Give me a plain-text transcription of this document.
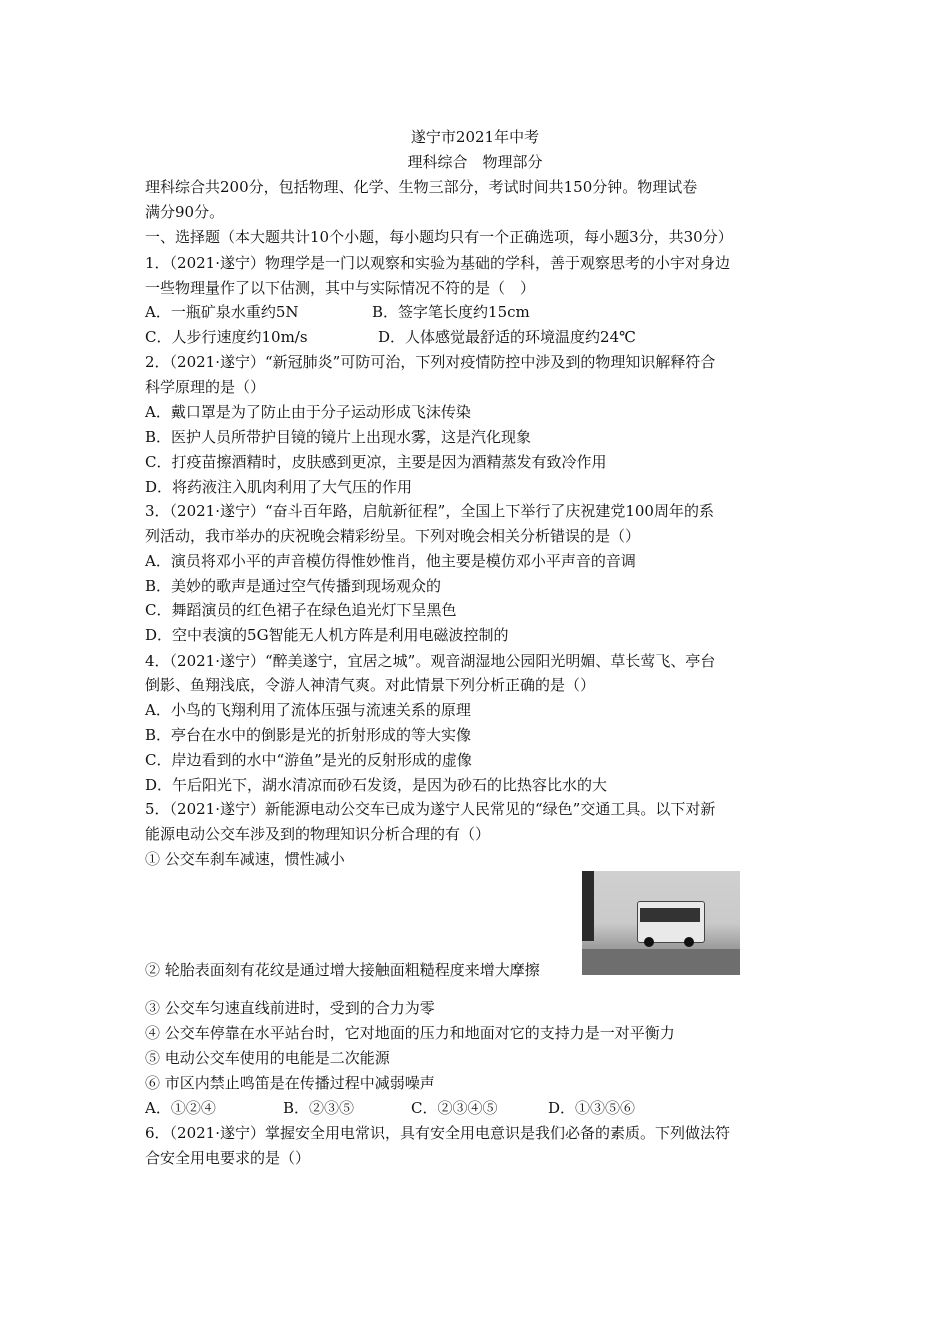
遂宁市2021年中考
理科综合　物理部分
理科综合共200分，包括物理、化学、生物三部分，考试时间共150分钟。物理试卷
满分90分。
一、选择题（本大题共计10个小题，每小题均只有一个正确选项，每小题3分，共30分）
1．（2021·遂宁）物理学是一门以观察和实验为基础的学科，善于观察思考的小宇对身边
一些物理量作了以下估测，其中与实际情况不符的是（　）
A．一瓶矿泉水重约5N	B．签字笔长度约15cm
C．人步行速度约10m/s	D．人体感觉最舒适的环境温度约24℃
2．（2021·遂宁）“新冠肺炎”可防可治，下列对疫情防控中涉及到的物理知识解释符合
科学原理的是（）
A．戴口罩是为了防止由于分子运动形成飞沫传染
B．医护人员所带护目镜的镜片上出现水雾，这是汽化现象
C．打疫苗擦酒精时，皮肤感到更凉，主要是因为酒精蒸发有致冷作用
D．将药液注入肌肉利用了大气压的作用
3．（2021·遂宁）“奋斗百年路，启航新征程”，全国上下举行了庆祝建党100周年的系
列活动，我市举办的庆祝晚会精彩纷呈。下列对晚会相关分析错误的是（）
A．演员将邓小平的声音模仿得惟妙惟肖，他主要是模仿邓小平声音的音调
B．美妙的歌声是通过空气传播到现场观众的
C．舞蹈演员的红色裙子在绿色追光灯下呈黑色
D．空中表演的5G智能无人机方阵是利用电磁波控制的
4．（2021·遂宁）“醉美遂宁，宜居之城”。观音湖湿地公园阳光明媚、草长莺飞、亭台
倒影、鱼翔浅底，令游人神清气爽。对此情景下列分析正确的是（）
A．小鸟的飞翔利用了流体压强与流速关系的原理
B．亭台在水中的倒影是光的折射形成的等大实像
C．岸边看到的水中“游鱼”是光的反射形成的虚像
D．午后阳光下，湖水清凉而砂石发烫，是因为砂石的比热容比水的大
5．（2021·遂宁）新能源电动公交车已成为遂宁人民常见的“绿色”交通工具。以下对新
能源电动公交车涉及到的物理知识分析合理的有（）
① 公交车刹车减速，惯性减小
② 轮胎表面刻有花纹是通过增大接触面粗糙程度来增大摩擦
③ 公交车匀速直线前进时，受到的合力为零
④ 公交车停靠在水平站台时，它对地面的压力和地面对它的支持力是一对平衡力
⑤ 电动公交车使用的电能是二次能源
⑥ 市区内禁止鸣笛是在传播过程中减弱噪声
A．①②④	B．②③⑤	C．②③④⑤	D．①③⑤⑥
6．（2021·遂宁）掌握安全用电常识，具有安全用电意识是我们必备的素质。下列做法符
合安全用电要求的是（）
